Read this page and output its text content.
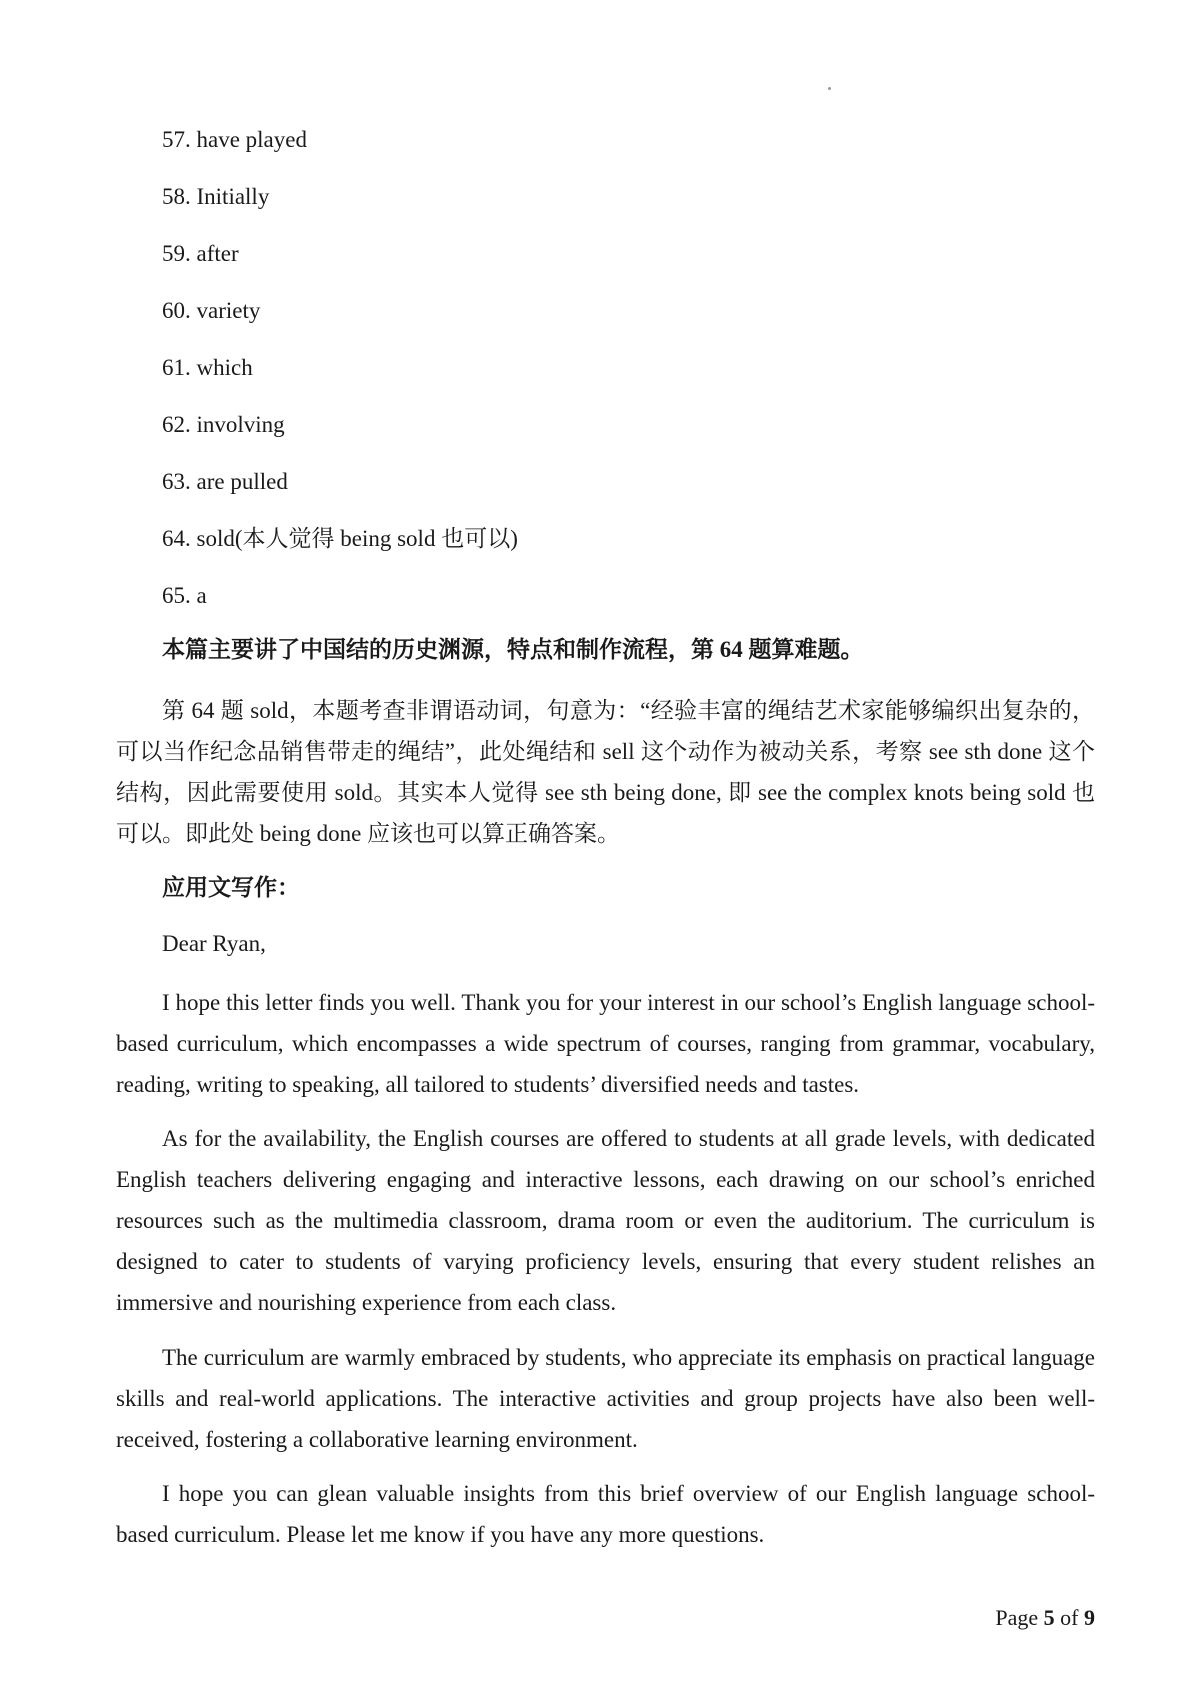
57. have played
58. Initially
59. after
60. variety
61. which
62. involving
63. are pulled
64. sold(本人觉得 being sold 也可以)
65. a

本篇主要讲了中国结的历史渊源，特点和制作流程，第 64 题算难题。

第 64 题 sold，本题考查非谓语动词，句意为：“经验丰富的绳结艺术家能够编织出复杂的，可以当作纪念品销售带走的绳结”，此处绳结和 sell 这个动作为被动关系，考察 see sth done 这个结构，因此需要使用 sold。其实本人觉得 see sth being done, 即 see the complex knots being sold 也可以。即此处 being done 应该也可以算正确答案。

应用文写作：

Dear Ryan,

I hope this letter finds you well. Thank you for your interest in our school’s English language school-based curriculum, which encompasses a wide spectrum of courses, ranging from grammar, vocabulary, reading, writing to speaking, all tailored to students’ diversified needs and tastes.

As for the availability, the English courses are offered to students at all grade levels, with dedicated English teachers delivering engaging and interactive lessons, each drawing on our school’s enriched resources such as the multimedia classroom, drama room or even the auditorium. The curriculum is designed to cater to students of varying proficiency levels, ensuring that every student relishes an immersive and nourishing experience from each class.

The curriculum are warmly embraced by students, who appreciate its emphasis on practical language skills and real-world applications. The interactive activities and group projects have also been well-received, fostering a collaborative learning environment.

I hope you can glean valuable insights from this brief overview of our English language school-based curriculum. Please let me know if you have any more questions.

Page 5 of 9
